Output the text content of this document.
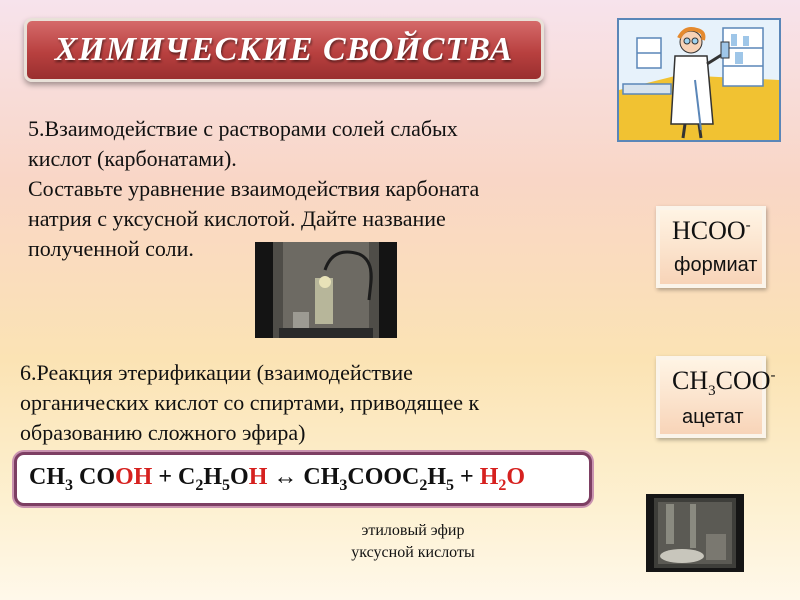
ХИМИЧЕСКИЕ СВОЙСТВА

5.Взаимодействие с растворами солей слабых

кислот (карбонатами).

Составьте уравнение взаимодействия карбоната

натрия с уксусной кислотой. Дайте название

полученной соли.

HCOO-
формиат
$CH_3COO^-$
ацетат

6.Реакция этерификации (взаимодействие

органических кислот со спиртами, приводящее к

образованию сложного эфира)

$CH_3$ COOH + $C_2H_5OH$ ↔ $CH_3COOC_2H_5 + H_2O$

этиловый эфир

уксусной кислоты
